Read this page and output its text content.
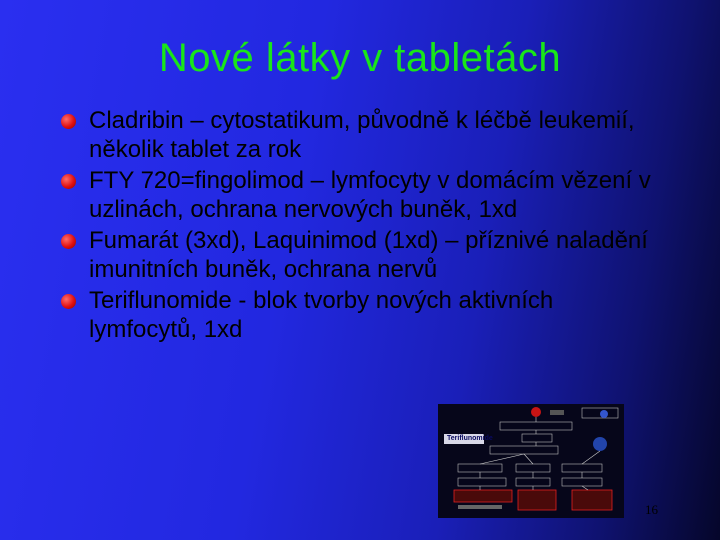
Nové látky v tabletách
Cladribin – cytostatikum, původně k léčbě leukemií, několik tablet za rok
FTY 720=fingolimod – lymfocyty v domácím vězení v uzlinách, ochrana nervových buněk, 1xd
Fumarát (3xd), Laquinimod (1xd) – příznivé naladění imunitních buněk, ochrana nervů
Teriflunomide - blok tvorby nových aktivních lymfocytů, 1xd
Teriflunomide
16
